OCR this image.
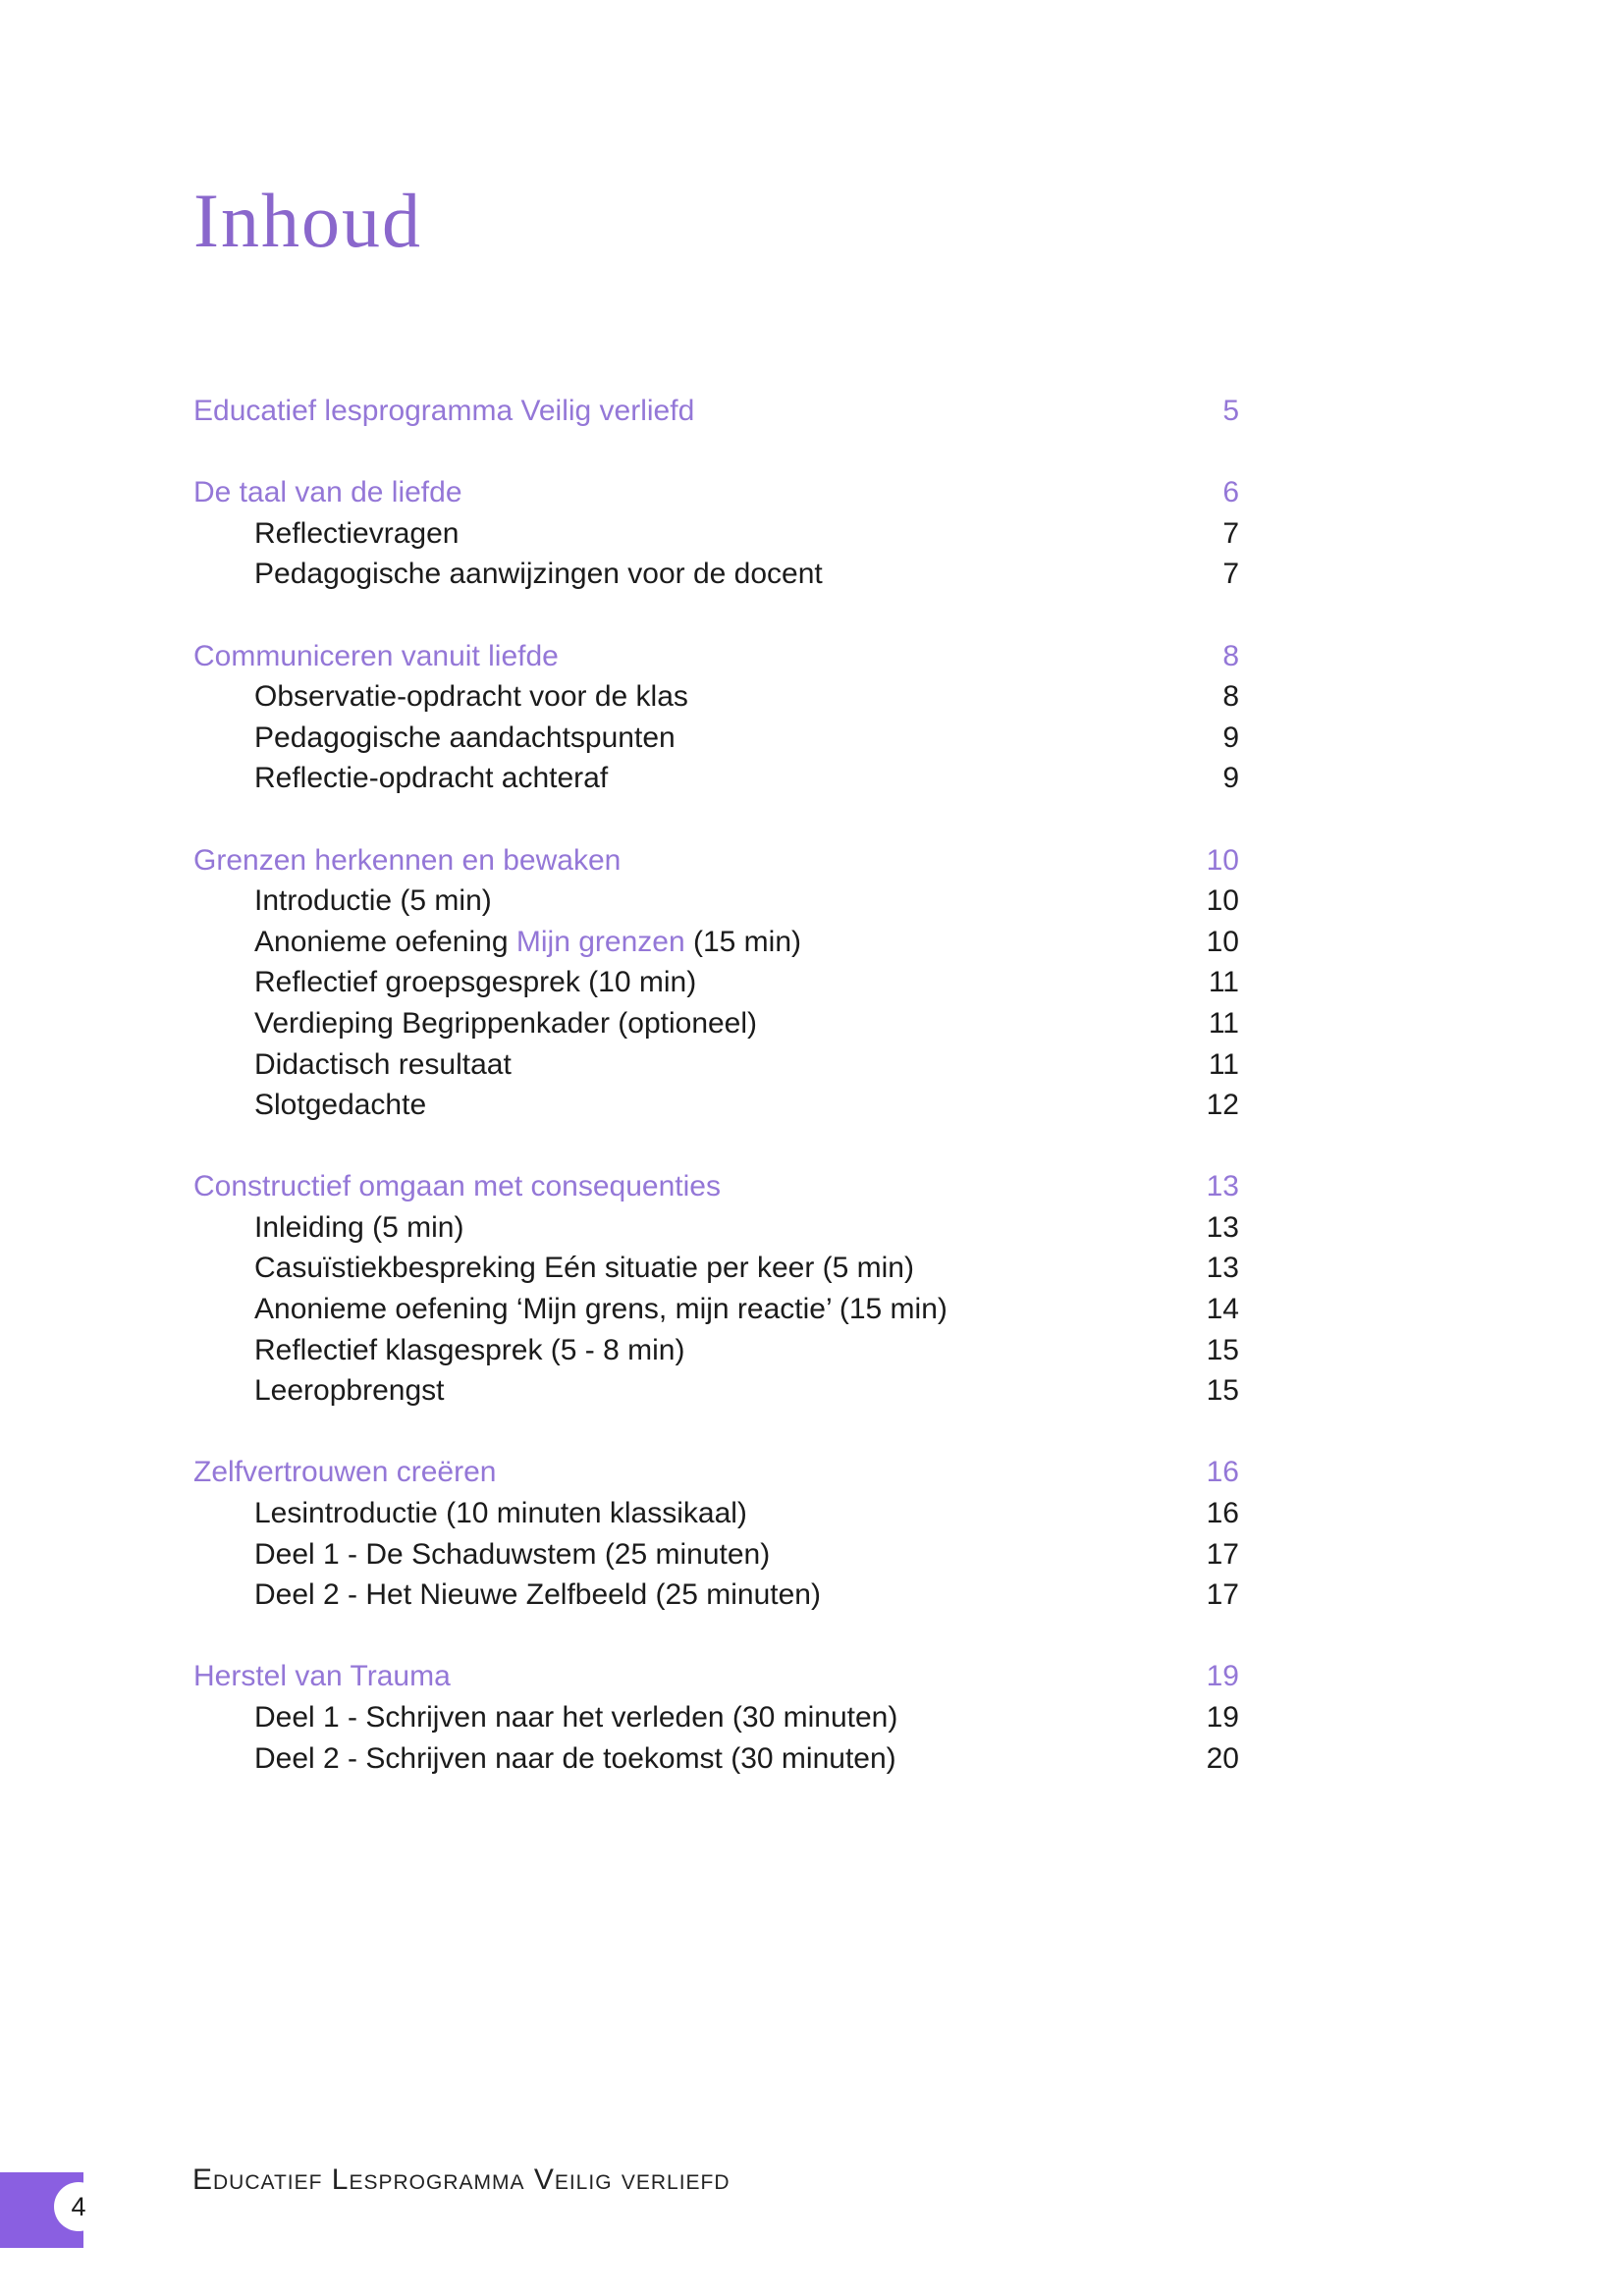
Inhoud
Educatief lesprogramma Veilig verliefd	5
De taal van de liefde	6
Reflectievragen	7
Pedagogische aanwijzingen voor de docent	7
Communiceren vanuit liefde	8
Observatie-opdracht voor de klas	8
Pedagogische aandachtspunten	9
Reflectie-opdracht achteraf	9
Grenzen herkennen en bewaken	10
Introductie (5 min)	10
Anonieme oefening Mijn grenzen (15 min)	10
Reflectief groepsgesprek (10 min)	11
Verdieping Begrippenkader (optioneel)	11
Didactisch resultaat	11
Slotgedachte	12
Constructief omgaan met consequenties	13
Inleiding (5 min)	13
Casuïstiekbespreking Eén situatie per keer (5 min)	13
Anonieme oefening ‘Mijn grens, mijn reactie’ (15 min)	14
Reflectief klasgesprek (5 - 8 min)	15
Leeropbrengst	15
Zelfvertrouwen creëren	16
Lesintroductie (10 minuten klassikaal)	16
Deel 1 - De Schaduwstem (25 minuten)	17
Deel 2 - Het Nieuwe Zelfbeeld (25 minuten)	17
Herstel van Trauma	19
Deel 1 - Schrijven naar het verleden (30 minuten)	19
Deel 2 - Schrijven naar de toekomst (30 minuten)	20
Educatief Lesprogramma Veilig verliefd
4
